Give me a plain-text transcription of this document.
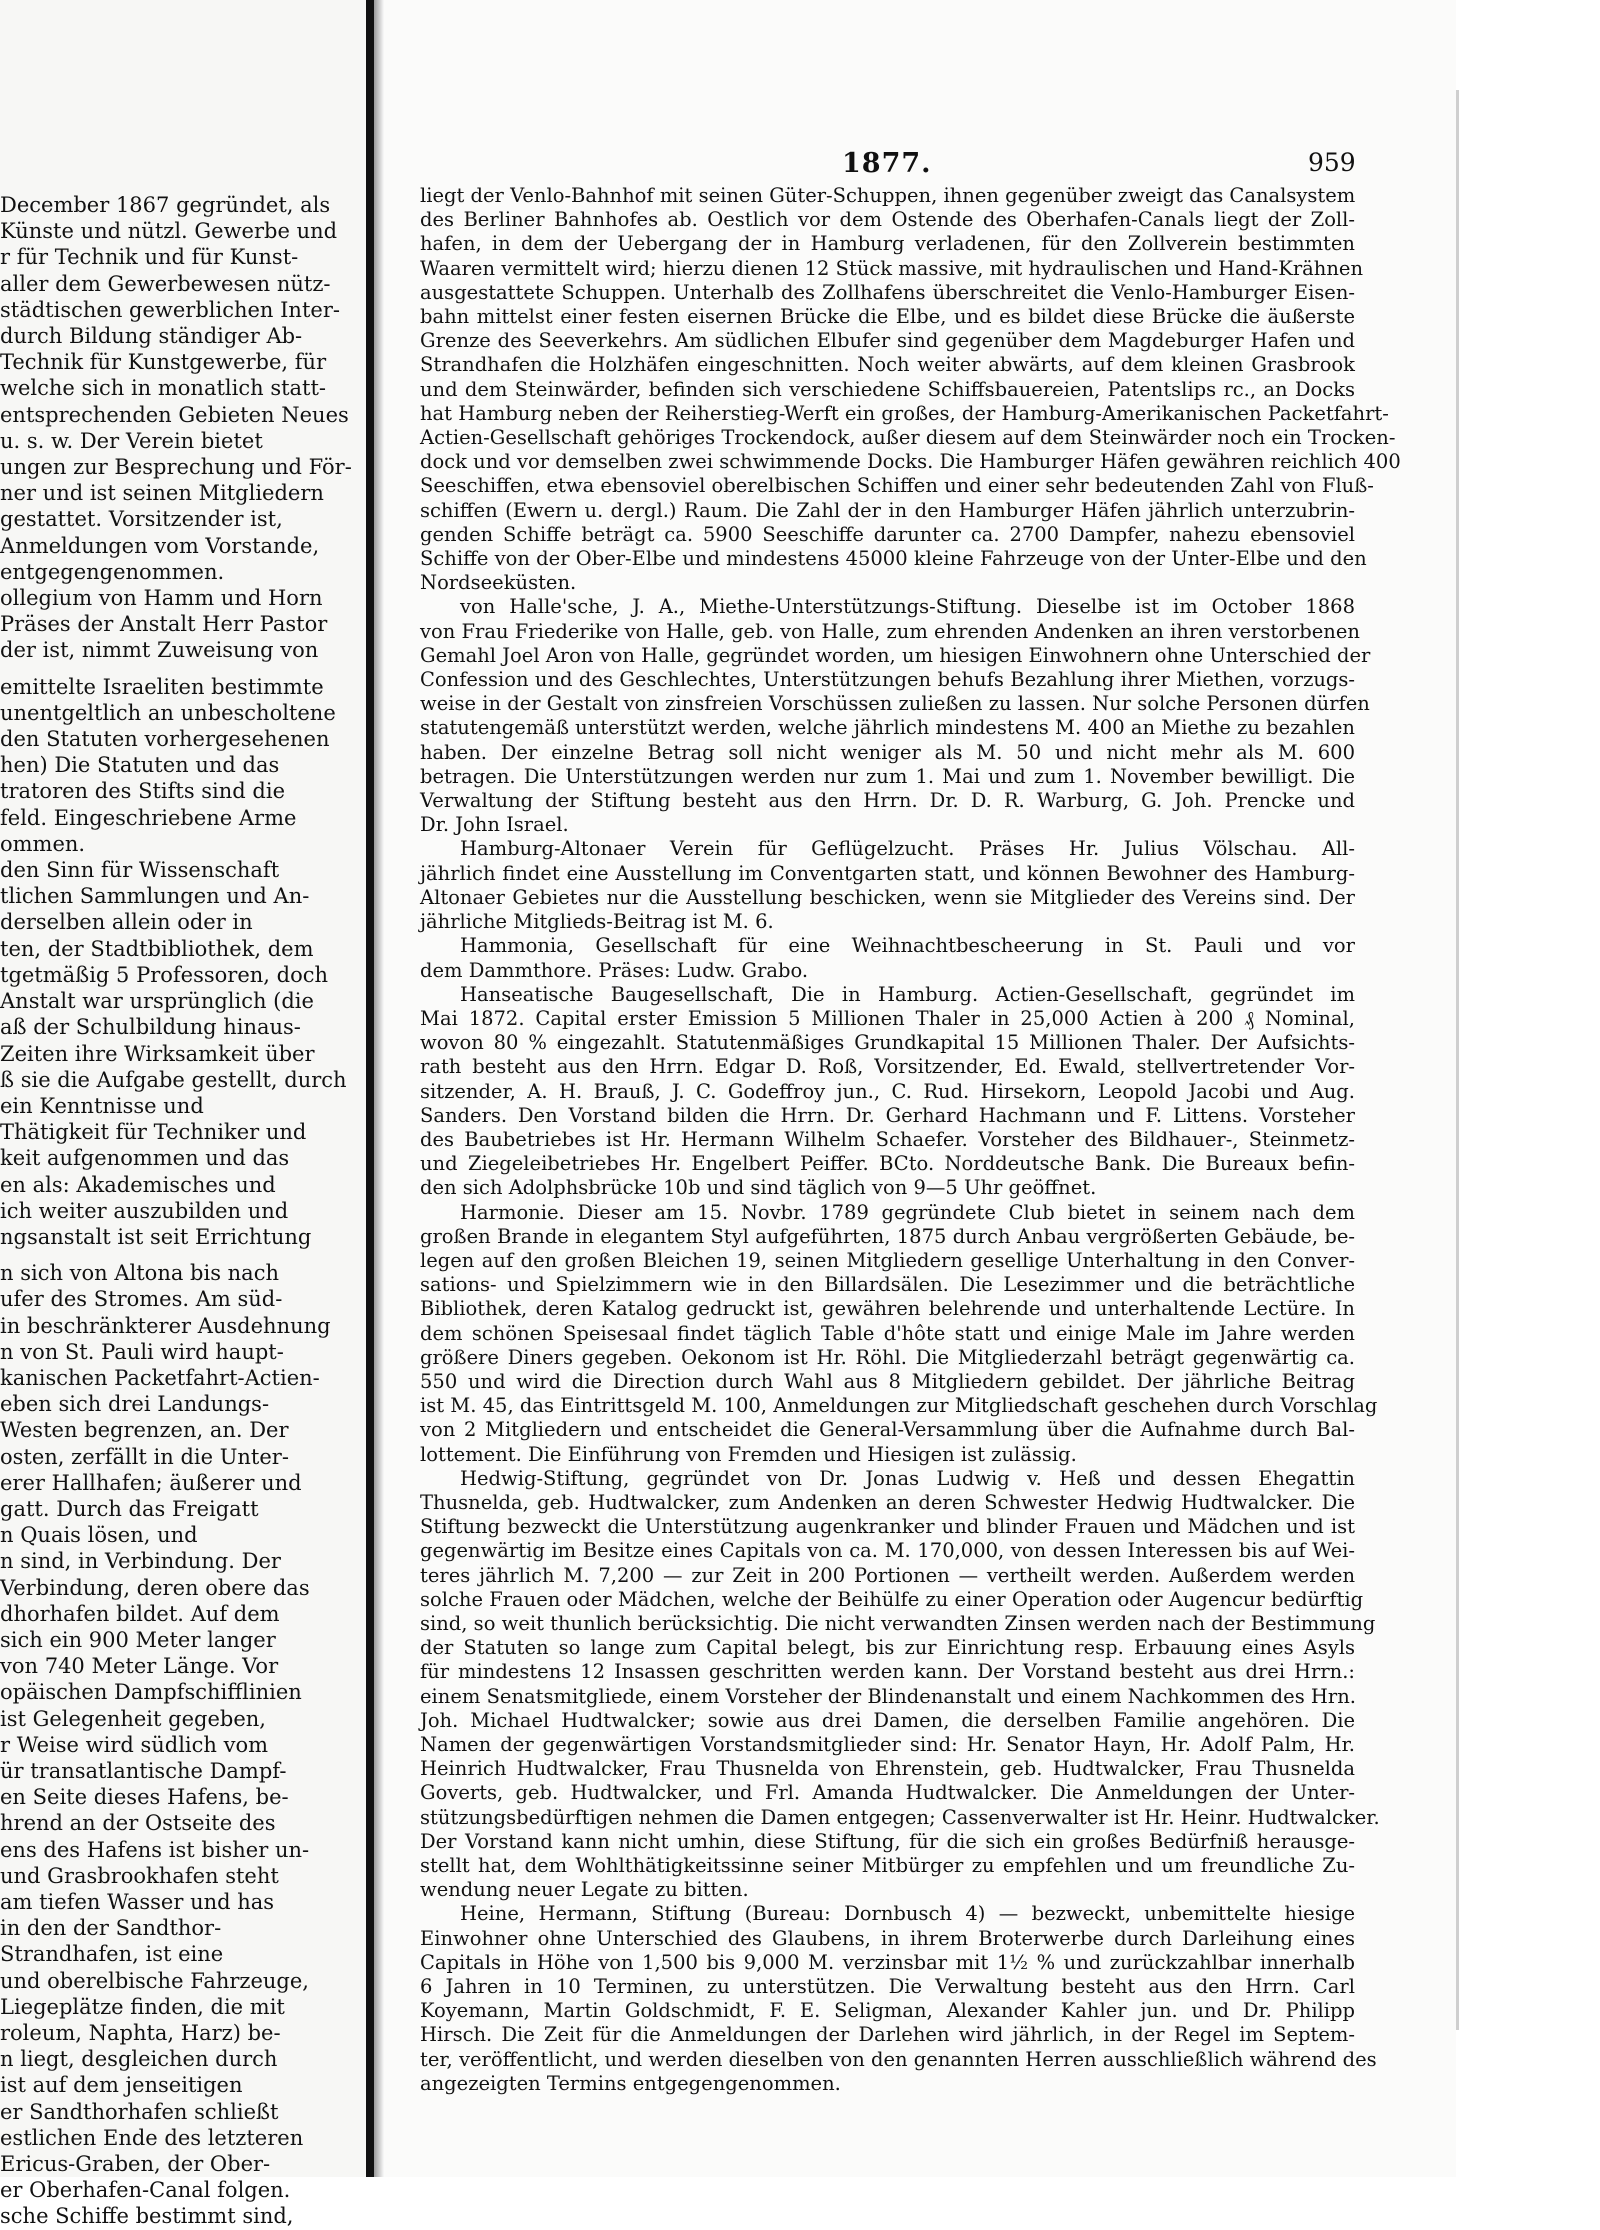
December 1867 gegründet, als
Künste und nützl. Gewerbe und
r für Technik und für Kunst-
aller dem Gewerbewesen nütz-
städtischen gewerblichen Inter-
durch Bildung ständiger Ab-
Technik für Kunstgewerbe, für
welche sich in monatlich statt-
entsprechenden Gebieten Neues
u. s. w. Der Verein bietet
ungen zur Besprechung und För-
ner und ist seinen Mitgliedern
gestattet. Vorsitzender ist,
Anmeldungen vom Vorstande,
entgegengenommen.
ollegium von Hamm und Horn
Präses der Anstalt Herr Pastor
der ist, nimmt Zuweisung von
emittelte Israeliten bestimmte
unentgeltlich an unbescholtene
den Statuten vorhergesehenen
hen) Die Statuten und das
tratoren des Stifts sind die
feld. Eingeschriebene Arme
ommen.
den Sinn für Wissenschaft
tlichen Sammlungen und An-
derselben allein oder in
ten, der Stadtbibliothek, dem
tgetmäßig 5 Professoren, doch
Anstalt war ursprünglich (die
aß der Schulbildung hinaus-
Zeiten ihre Wirksamkeit über
ß sie die Aufgabe gestellt, durch
ein Kenntnisse und
Thätigkeit für Techniker und
keit aufgenommen und das
en als: Akademisches und
ich weiter auszubilden und
ngsanstalt ist seit Errichtung
n sich von Altona bis nach
ufer des Stromes. Am süd-
in beschränkterer Ausdehnung
n von St. Pauli wird haupt-
kanischen Packetfahrt-Actien-
eben sich drei Landungs-
Westen begrenzen, an. Der
osten, zerfällt in die Unter-
erer Hallhafen; äußerer und
gatt. Durch das Freigatt
n Quais lösen, und
n sind, in Verbindung. Der
Verbindung, deren obere das
dhorhafen bildet. Auf dem
sich ein 900 Meter langer
von 740 Meter Länge. Vor
opäischen Dampfschifflinien
ist Gelegenheit gegeben,
r Weise wird südlich vom
ür transatlantische Dampf-
en Seite dieses Hafens, be-
hrend an der Ostseite des
ens des Hafens ist bisher un-
und Grasbrookhafen steht
am tiefen Wasser und has
in den der Sandthor-
Strandhafen, ist eine
und oberelbische Fahrzeuge,
Liegeplätze finden, die mit
roleum, Naphta, Harz) be-
n liegt, desgleichen durch
ist auf dem jenseitigen
er Sandthorhafen schließt
estlichen Ende des letzteren
Ericus-Graben, der Ober-
er Oberhafen-Canal folgen.
sche Schiffe bestimmt sind,
1877.	959
liegt der Venlo-Bahnhof mit seinen Güter-Schuppen, ihnen gegenüber zweigt das Canalsystem
des Berliner Bahnhofes ab. Oestlich vor dem Ostende des Oberhafen-Canals liegt der Zoll-
hafen, in dem der Uebergang der in Hamburg verladenen, für den Zollverein bestimmten
Waaren vermittelt wird; hierzu dienen 12 Stück massive, mit hydraulischen und Hand-Krähnen
ausgestattete Schuppen. Unterhalb des Zollhafens überschreitet die Venlo-Hamburger Eisen-
bahn mittelst einer festen eisernen Brücke die Elbe, und es bildet diese Brücke die äußerste
Grenze des Seeverkehrs. Am südlichen Elbufer sind gegenüber dem Magdeburger Hafen und
Strandhafen die Holzhäfen eingeschnitten. Noch weiter abwärts, auf dem kleinen Grasbrook
und dem Steinwärder, befinden sich verschiedene Schiffsbauereien, Patentslips rc., an Docks
hat Hamburg neben der Reiherstieg-Werft ein großes, der Hamburg-Amerikanischen Packetfahrt-
Actien-Gesellschaft gehöriges Trockendock, außer diesem auf dem Steinwärder noch ein Trocken-
dock und vor demselben zwei schwimmende Docks. Die Hamburger Häfen gewähren reichlich 400
Seeschiffen, etwa ebensoviel oberelbischen Schiffen und einer sehr bedeutenden Zahl von Fluß-
schiffen (Ewern u. dergl.) Raum. Die Zahl der in den Hamburger Häfen jährlich unterzubrin-
genden Schiffe beträgt ca. 5900 Seeschiffe darunter ca. 2700 Dampfer, nahezu ebensoviel
Schiffe von der Ober-Elbe und mindestens 45000 kleine Fahrzeuge von der Unter-Elbe und den
Nordseeküsten.
von Halle'sche, J. A., Miethe-Unterstützungs-Stiftung. Dieselbe ist im October 1868
von Frau Friederike von Halle, geb. von Halle, zum ehrenden Andenken an ihren verstorbenen
Gemahl Joel Aron von Halle, gegründet worden, um hiesigen Einwohnern ohne Unterschied der
Confession und des Geschlechtes, Unterstützungen behufs Bezahlung ihrer Miethen, vorzugs-
weise in der Gestalt von zinsfreien Vorschüssen zuließen zu lassen. Nur solche Personen dürfen
statutengemäß unterstützt werden, welche jährlich mindestens M. 400 an Miethe zu bezahlen
haben. Der einzelne Betrag soll nicht weniger als M. 50 und nicht mehr als M. 600
betragen. Die Unterstützungen werden nur zum 1. Mai und zum 1. November bewilligt. Die
Verwaltung der Stiftung besteht aus den Hrrn. Dr. D. R. Warburg, G. Joh. Prencke und
Dr. John Israel.
Hamburg-Altonaer Verein für Geflügelzucht. Präses Hr. Julius Völschau. All-
jährlich findet eine Ausstellung im Conventgarten statt, und können Bewohner des Hamburg-
Altonaer Gebietes nur die Ausstellung beschicken, wenn sie Mitglieder des Vereins sind. Der
jährliche Mitglieds-Beitrag ist M. 6.
Hammonia, Gesellschaft für eine Weihnachtbescheerung in St. Pauli und vor
dem Dammthore. Präses: Ludw. Grabo.
Hanseatische Baugesellschaft, Die in Hamburg. Actien-Gesellschaft, gegründet im
Mai 1872. Capital erster Emission 5 Millionen Thaler in 25,000 Actien à 200 ₰ Nominal,
wovon 80 % eingezahlt. Statutenmäßiges Grundkapital 15 Millionen Thaler. Der Aufsichts-
rath besteht aus den Hrrn. Edgar D. Roß, Vorsitzender, Ed. Ewald, stellvertretender Vor-
sitzender, A. H. Brauß, J. C. Godeffroy jun., C. Rud. Hirsekorn, Leopold Jacobi und Aug.
Sanders. Den Vorstand bilden die Hrrn. Dr. Gerhard Hachmann und F. Littens. Vorsteher
des Baubetriebes ist Hr. Hermann Wilhelm Schaefer. Vorsteher des Bildhauer-, Steinmetz-
und Ziegeleibetriebes Hr. Engelbert Peiffer. BCto. Norddeutsche Bank. Die Bureaux befin-
den sich Adolphsbrücke 10b und sind täglich von 9—5 Uhr geöffnet.
Harmonie. Dieser am 15. Novbr. 1789 gegründete Club bietet in seinem nach dem
großen Brande in elegantem Styl aufgeführten, 1875 durch Anbau vergrößerten Gebäude, be-
legen auf den großen Bleichen 19, seinen Mitgliedern gesellige Unterhaltung in den Conver-
sations- und Spielzimmern wie in den Billardsälen. Die Lesezimmer und die beträchtliche
Bibliothek, deren Katalog gedruckt ist, gewähren belehrende und unterhaltende Lectüre. In
dem schönen Speisesaal findet täglich Table d'hôte statt und einige Male im Jahre werden
größere Diners gegeben. Oekonom ist Hr. Röhl. Die Mitgliederzahl beträgt gegenwärtig ca.
550 und wird die Direction durch Wahl aus 8 Mitgliedern gebildet. Der jährliche Beitrag
ist M. 45, das Eintrittsgeld M. 100, Anmeldungen zur Mitgliedschaft geschehen durch Vorschlag
von 2 Mitgliedern und entscheidet die General-Versammlung über die Aufnahme durch Bal-
lottement. Die Einführung von Fremden und Hiesigen ist zulässig.
Hedwig-Stiftung, gegründet von Dr. Jonas Ludwig v. Heß und dessen Ehegattin
Thusnelda, geb. Hudtwalcker, zum Andenken an deren Schwester Hedwig Hudtwalcker. Die
Stiftung bezweckt die Unterstützung augenkranker und blinder Frauen und Mädchen und ist
gegenwärtig im Besitze eines Capitals von ca. M. 170,000, von dessen Interessen bis auf Wei-
teres jährlich M. 7,200 — zur Zeit in 200 Portionen — vertheilt werden. Außerdem werden
solche Frauen oder Mädchen, welche der Beihülfe zu einer Operation oder Augencur bedürftig
sind, so weit thunlich berücksichtig. Die nicht verwandten Zinsen werden nach der Bestimmung
der Statuten so lange zum Capital belegt, bis zur Einrichtung resp. Erbauung eines Asyls
für mindestens 12 Insassen geschritten werden kann. Der Vorstand besteht aus drei Hrrn.:
einem Senatsmitgliede, einem Vorsteher der Blindenanstalt und einem Nachkommen des Hrn.
Joh. Michael Hudtwalcker; sowie aus drei Damen, die derselben Familie angehören. Die
Namen der gegenwärtigen Vorstandsmitglieder sind: Hr. Senator Hayn, Hr. Adolf Palm, Hr.
Heinrich Hudtwalcker, Frau Thusnelda von Ehrenstein, geb. Hudtwalcker, Frau Thusnelda
Goverts, geb. Hudtwalcker, und Frl. Amanda Hudtwalcker. Die Anmeldungen der Unter-
stützungsbedürftigen nehmen die Damen entgegen; Cassenverwalter ist Hr. Heinr. Hudtwalcker.
Der Vorstand kann nicht umhin, diese Stiftung, für die sich ein großes Bedürfniß herausge-
stellt hat, dem Wohlthätigkeitssinne seiner Mitbürger zu empfehlen und um freundliche Zu-
wendung neuer Legate zu bitten.
Heine, Hermann, Stiftung (Bureau: Dornbusch 4) — bezweckt, unbemittelte hiesige
Einwohner ohne Unterschied des Glaubens, in ihrem Broterwerbe durch Darleihung eines
Capitals in Höhe von 1,500 bis 9,000 M. verzinsbar mit 1½ % und zurückzahlbar innerhalb
6 Jahren in 10 Terminen, zu unterstützen. Die Verwaltung besteht aus den Hrrn. Carl
Koyemann, Martin Goldschmidt, F. E. Seligman, Alexander Kahler jun. und Dr. Philipp
Hirsch. Die Zeit für die Anmeldungen der Darlehen wird jährlich, in der Regel im Septem-
ter, veröffentlicht, und werden dieselben von den genannten Herren ausschließlich während des
angezeigten Termins entgegengenommen.
